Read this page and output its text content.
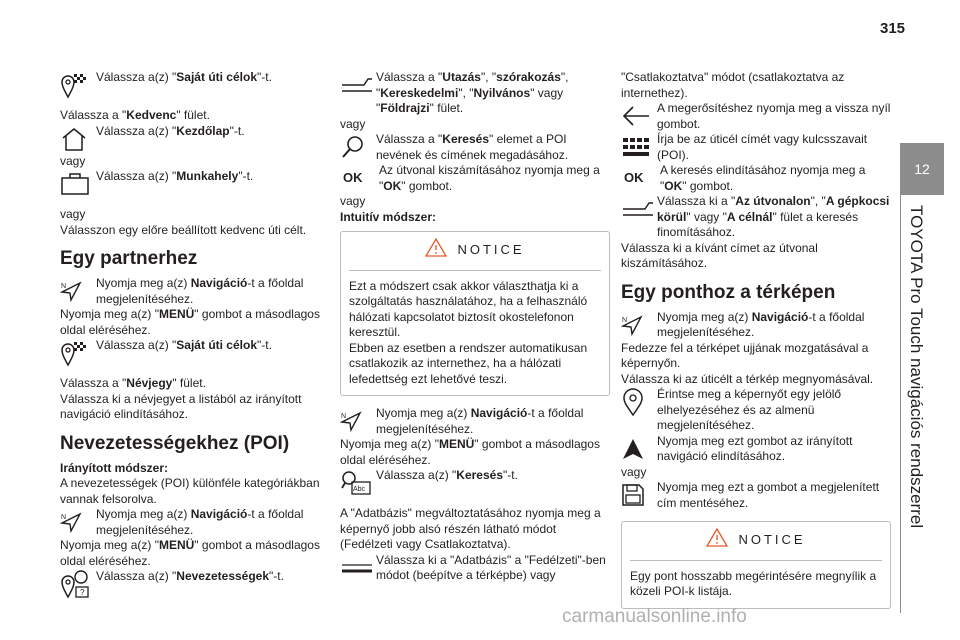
315
12
TOYOTA Pro Touch navigációs rendszerrel

Válassza a(z) "Saját úti célok"-t.

Válassza a "Kedvenc" fület.

Válassza a(z) "Kezdőlap"-t.

vagy

Válassza a(z) "Munkahely"-t.

vagy

Válasszon egy előre beállított kedvenc úti célt.

Egy partnerhez
N Nyomja meg a(z) Navigáció-t a főoldal megjelenítéséhez.

Nyomja meg a(z) "MENÜ" gombot a másodlagos oldal eléréséhez.

Válassza a(z) "Saját úti célok"-t.

Válassza a "Névjegy" fület.

Válassza ki a névjegyet a listából az irányított navigáció elindításához.

Nevezetességekhez (POI)

Irányított módszer:

A nevezetességek (POI) különféle kategóriákban vannak felsorolva.

N Nyomja meg a(z) Navigáció-t a főoldal megjelenítéséhez.

Nyomja meg a(z) "MENÜ" gombot a másodlagos oldal eléréséhez.

?

Válassza a(z) "Nevezetességek"-t.

Válassza a "Utazás", "szórakozás", "Kereskedelmi", "Nyilvános" vagy "Földrajzi" fület.

vagy

Válassza a "Keresés" elemet a POI nevének és címének megadásához.

OK

Az útvonal kiszámításához nyomja meg a "OK" gombot.

vagy

Intuitív módszer:

NOTICE
Ezt a módszert csak akkor választhatja ki a szolgáltatás használatához, ha a felhasználó hálózati kapcsolatot biztosít okostelefonon keresztül.
Ebben az esetben a rendszer automatikusan csatlakozik az internethez, ha a hálózati lefedettség ezt lehetővé teszi.
N Nyomja meg a(z) Navigáció-t a főoldal megjelenítéséhez.

Nyomja meg a(z) "MENÜ" gombot a másodlagos oldal eléréséhez.

Abc

Válassza a(z) "Keresés"-t.

A "Adatbázis" megváltoztatásához nyomja meg a képernyő jobb alsó részén látható módot (Fedélzeti vagy Csatlakoztatva).

Válassza ki a "Adatbázis" a "Fedélzeti"-ben módot (beépítve a térképbe) vagy

"Csatlakoztatva" módot (csatlakoztatva az internethez).

A megerősítéshez nyomja meg a vissza nyíl gombot.

Írja be az úticél címét vagy kulcsszavait (POI).

OK

A keresés elindításához nyomja meg a "OK" gombot.

Válassza ki a "Az útvonalon", "A gépkocsi körül" vagy "A célnál" fület a keresés finomításához.

Válassza ki a kívánt címet az útvonal kiszámításához.

Egy ponthoz a térképen
N Nyomja meg a(z) Navigáció-t a főoldal megjelenítéséhez.

Fedezze fel a térképet ujjának mozgatásával a képernyőn.

Válassza ki az úticélt a térkép megnyomásával.

Érintse meg a képernyőt egy jelölő elhelyezéséhez és az almenü megjelenítéséhez.

Nyomja meg ezt gombot az irányított navigáció elindításához.

vagy

Nyomja meg ezt a gombot a megjelenített cím mentéséhez.

NOTICE
Egy pont hosszabb megérintésére megnyílik a közeli POI-k listája.
carmanualsonline.info
